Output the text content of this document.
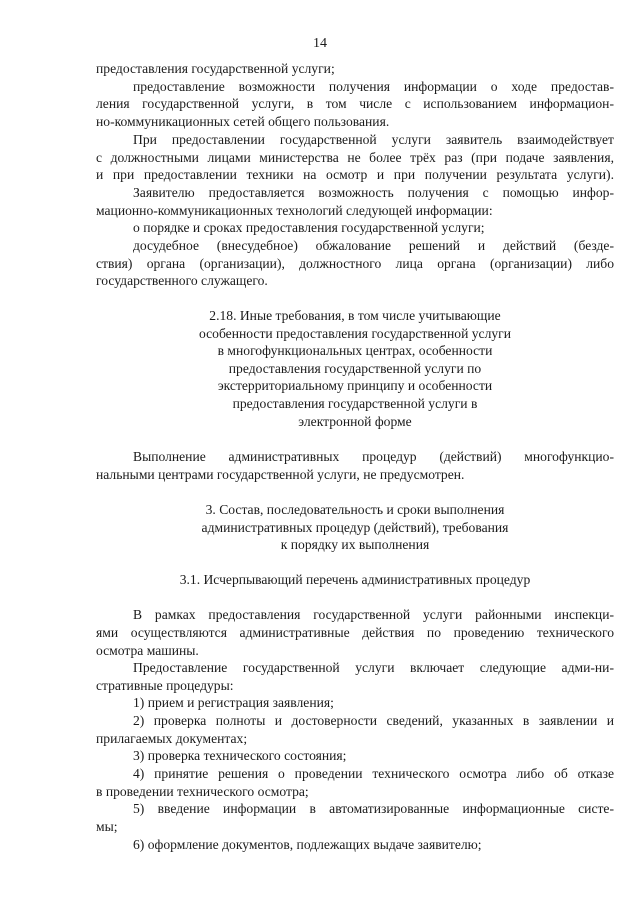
14
предоставления государственной услуги;
предоставление возможности получения информации о ходе предостав-
ления государственной услуги, в том числе с использованием информацион-
но-коммуникационных сетей общего пользования.
При предоставлении государственной услуги заявитель взаимодействует
с должностными лицами министерства не более трёх раз (при подаче заявления,
и при предоставлении техники на осмотр и при получении результата услуги).
Заявителю предоставляется возможность получения с помощью инфор-
мационно-коммуникационных технологий следующей информации:
о порядке и сроках предоставления государственной услуги;
досудебное (внесудебное) обжалование решений и действий (безде-
ствия) органа (организации), должностного лица органа (организации) либо
государственного служащего.
2.18. Иные требования, в том числе учитывающие
особенности предоставления государственной услуги
в многофункциональных центрах, особенности
предоставления государственной услуги по
экстерриториальному принципу и особенности
предоставления государственной услуги в
электронной форме
Выполнение административных процедур (действий) многофункцио-
нальными центрами государственной услуги, не предусмотрен.
3. Состав, последовательность и сроки выполнения
административных процедур (действий), требования
к порядку их выполнения
3.1. Исчерпывающий перечень административных процедур
В рамках предоставления государственной услуги районными инспекци-
ями осуществляются административные действия по проведению технического
осмотра машины.
Предоставление государственной услуги включает следующие адми-ни-
стративные процедуры:
1) прием и регистрация заявления;
2) проверка полноты и достоверности сведений, указанных в заявлении и
прилагаемых документах;
3) проверка технического состояния;
4) принятие решения о проведении технического осмотра либо об отказе
в проведении технического осмотра;
5) введение информации в автоматизированные информационные систе-
мы;
6) оформление документов, подлежащих выдаче заявителю;
